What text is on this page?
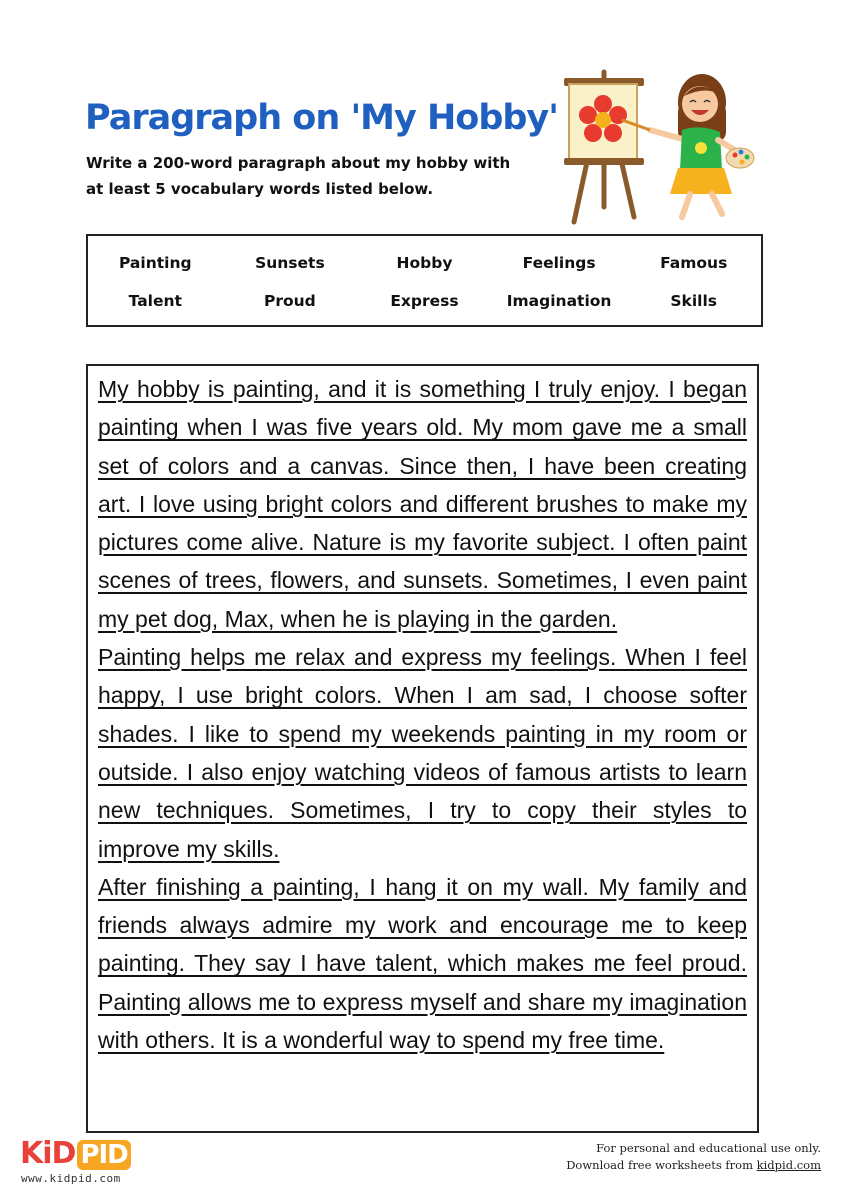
Paragraph on 'My Hobby'
Write a 200-word paragraph about my hobby with at least 5 vocabulary words listed below.
Painting	Sunsets	Hobby	Feelings	Famous
Talent	Proud	Express	Imagination	Skills

My hobby is painting, and it is something I truly enjoy. I began painting when I was five years old. My mom gave me a small set of colors and a canvas. Since then, I have been creating art. I love using bright colors and different brushes to make my pictures come alive. Nature is my favorite subject. I often paint scenes of trees, flowers, and sunsets. Sometimes, I even paint my pet dog, Max, when he is playing in the garden.

Painting helps me relax and express my feelings. When I feel happy, I use bright colors. When I am sad, I choose softer shades. I like to spend my weekends painting in my room or outside. I also enjoy watching videos of famous artists to learn new techniques. Sometimes, I try to copy their styles to improve my skills.

After finishing a painting, I hang it on my wall. My family and friends always admire my work and encourage me to keep painting. They say I have talent, which makes me feel proud. Painting allows me to express myself and share my imagination with others. It is a wonderful way to spend my free time.

KiD PID
www.kidpid.com
For personal and educational use only.
Download free worksheets from kidpid.com
